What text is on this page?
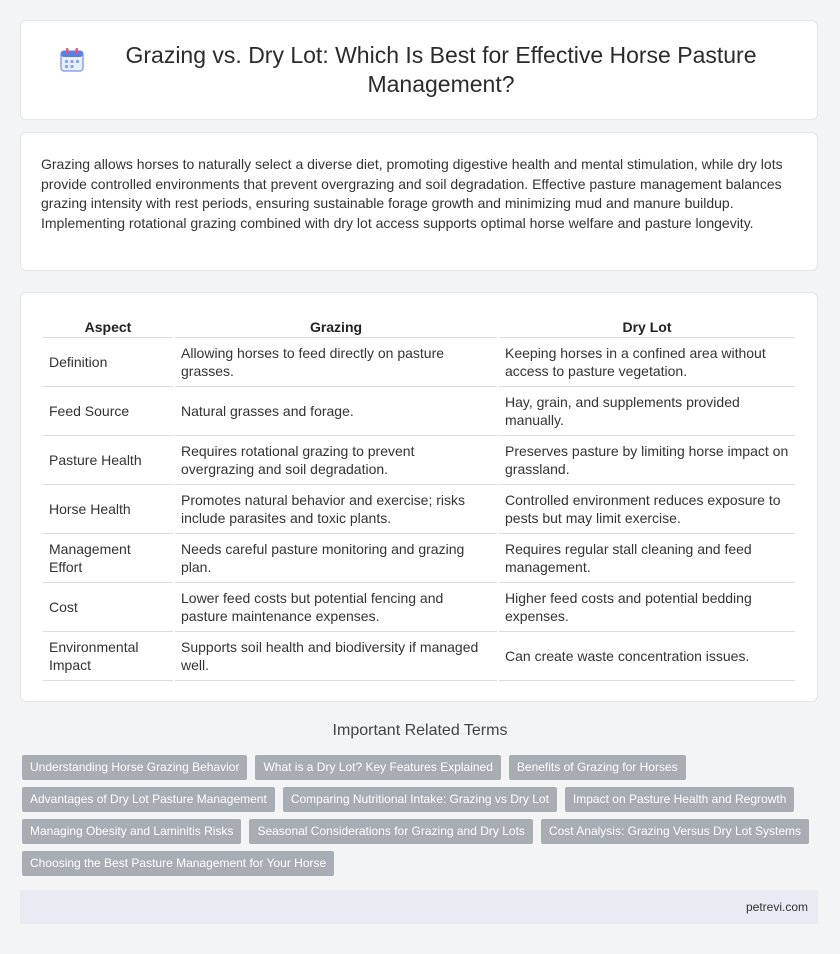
Grazing vs. Dry Lot: Which Is Best for Effective Horse Pasture Management?

Grazing allows horses to naturally select a diverse diet, promoting digestive health and mental stimulation, while dry lots provide controlled environments that prevent overgrazing and soil degradation. Effective pasture management balances grazing intensity with rest periods, ensuring sustainable forage growth and minimizing mud and manure buildup. Implementing rotational grazing combined with dry lot access supports optimal horse welfare and pasture longevity.

Aspect	Grazing	Dry Lot
Definition	Allowing horses to feed directly on pasture grasses.	Keeping horses in a confined area without access to pasture vegetation.
Feed Source	Natural grasses and forage.	Hay, grain, and supplements provided manually.
Pasture Health	Requires rotational grazing to prevent overgrazing and soil degradation.	Preserves pasture by limiting horse impact on grassland.
Horse Health	Promotes natural behavior and exercise; risks include parasites and toxic plants.	Controlled environment reduces exposure to pests but may limit exercise.
Management Effort	Needs careful pasture monitoring and grazing plan.	Requires regular stall cleaning and feed management.
Cost	Lower feed costs but potential fencing and pasture maintenance expenses.	Higher feed costs and potential bedding expenses.
Environmental Impact	Supports soil health and biodiversity if managed well.	Can create waste concentration issues.
Important Related Terms
Understanding Horse Grazing Behavior	What is a Dry Lot? Key Features Explained	Benefits of Grazing for Horses
Advantages of Dry Lot Pasture Management	Comparing Nutritional Intake: Grazing vs Dry Lot	Impact on Pasture Health and Regrowth
Managing Obesity and Laminitis Risks	Seasonal Considerations for Grazing and Dry Lots	Cost Analysis: Grazing Versus Dry Lot Systems
Choosing the Best Pasture Management for Your Horse
petrevi.com
